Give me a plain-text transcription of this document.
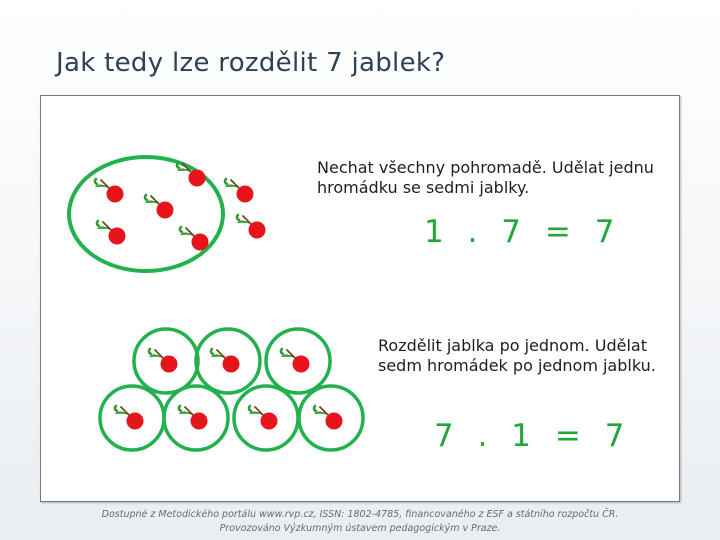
Jak tedy lze rozdělit 7 jablek?
Nechat všechny pohromadě. Udělat jednu hromádku se sedmi jablky.
1 . 7 = 7
Rozdělit jablka po jednom. Udělat sedm hromádek po jednom jablku.
7 . 1 = 7
Dostupné z Metodického portálu www.rvp.cz, ISSN: 1802-4785, financovaného z ESF a státního rozpočtu ČR.
Provozováno Výzkumným ústavem pedagogickým v Praze.
